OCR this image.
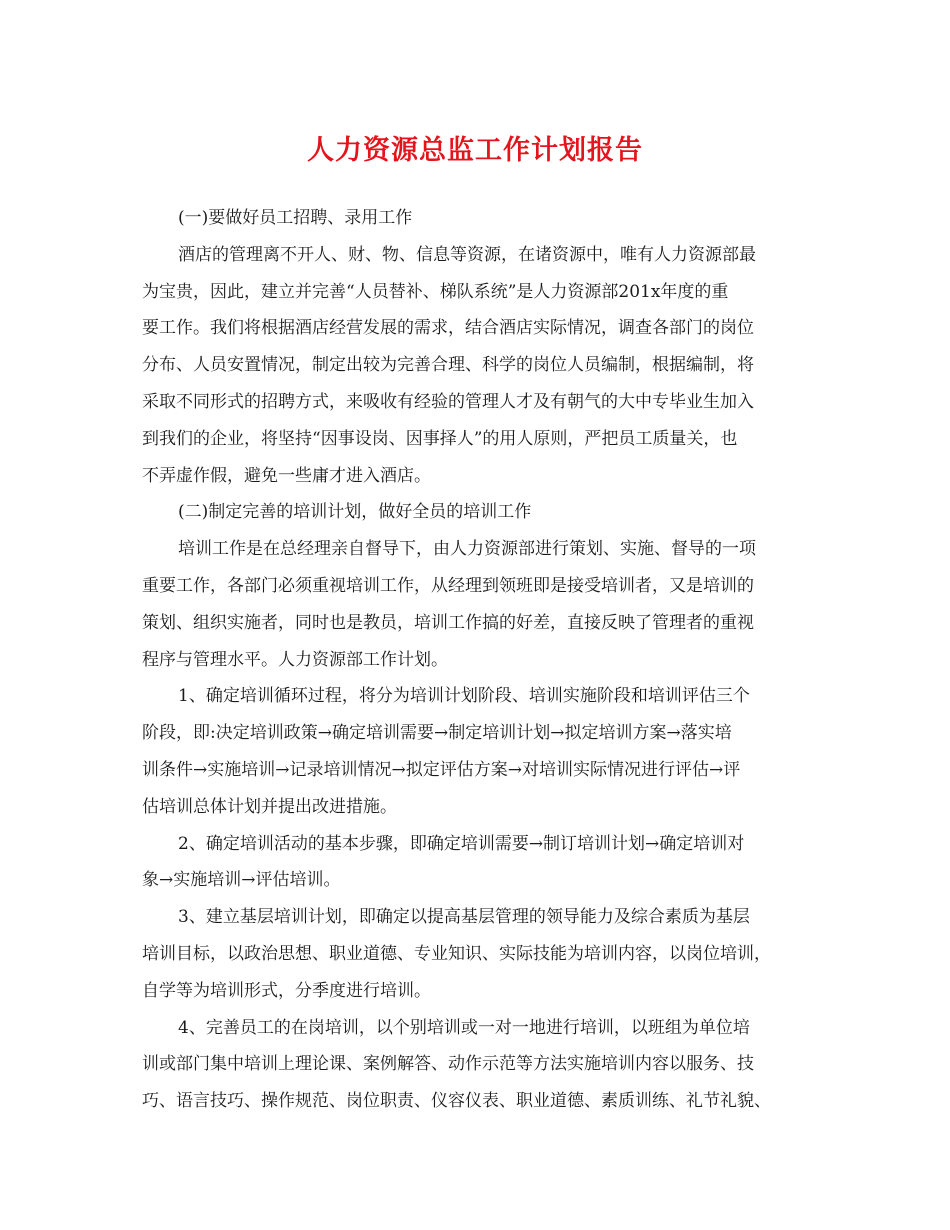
人力资源总监工作计划报告
(一)要做好员工招聘、录用工作
酒店的管理离不开人、财、物、信息等资源，在诸资源中，唯有人力资源部最
为宝贵，因此，建立并完善“人员替补、梯队系统”是人力资源部201x年度的重
要工作。我们将根据酒店经营发展的需求，结合酒店实际情况，调查各部门的岗位
分布、人员安置情况，制定出较为完善合理、科学的岗位人员编制，根据编制，将
采取不同形式的招聘方式，来吸收有经验的管理人才及有朝气的大中专毕业生加入
到我们的企业，将坚持“因事设岗、因事择人”的用人原则，严把员工质量关，也
不弄虚作假，避免一些庸才进入酒店。
(二)制定完善的培训计划，做好全员的培训工作
培训工作是在总经理亲自督导下，由人力资源部进行策划、实施、督导的一项
重要工作，各部门必须重视培训工作，从经理到领班即是接受培训者，又是培训的
策划、组织实施者，同时也是教员，培训工作搞的好差，直接反映了管理者的重视
程序与管理水平。人力资源部工作计划。
1、确定培训循环过程，将分为培训计划阶段、培训实施阶段和培训评估三个
阶段，即:决定培训政策→确定培训需要→制定培训计划→拟定培训方案→落实培
训条件→实施培训→记录培训情况→拟定评估方案→对培训实际情况进行评估→评
估培训总体计划并提出改进措施。
2、确定培训活动的基本步骤，即确定培训需要→制订培训计划→确定培训对
象→实施培训→评估培训。
3、建立基层培训计划，即确定以提高基层管理的领导能力及综合素质为基层
培训目标，以政治思想、职业道德、专业知识、实际技能为培训内容，以岗位培训，
自学等为培训形式，分季度进行培训。
4、完善员工的在岗培训，以个别培训或一对一地进行培训，以班组为单位培
训或部门集中培训上理论课、案例解答、动作示范等方法实施培训内容以服务、技
巧、语言技巧、操作规范、岗位职责、仪容仪表、职业道德、素质训练、礼节礼貌、
